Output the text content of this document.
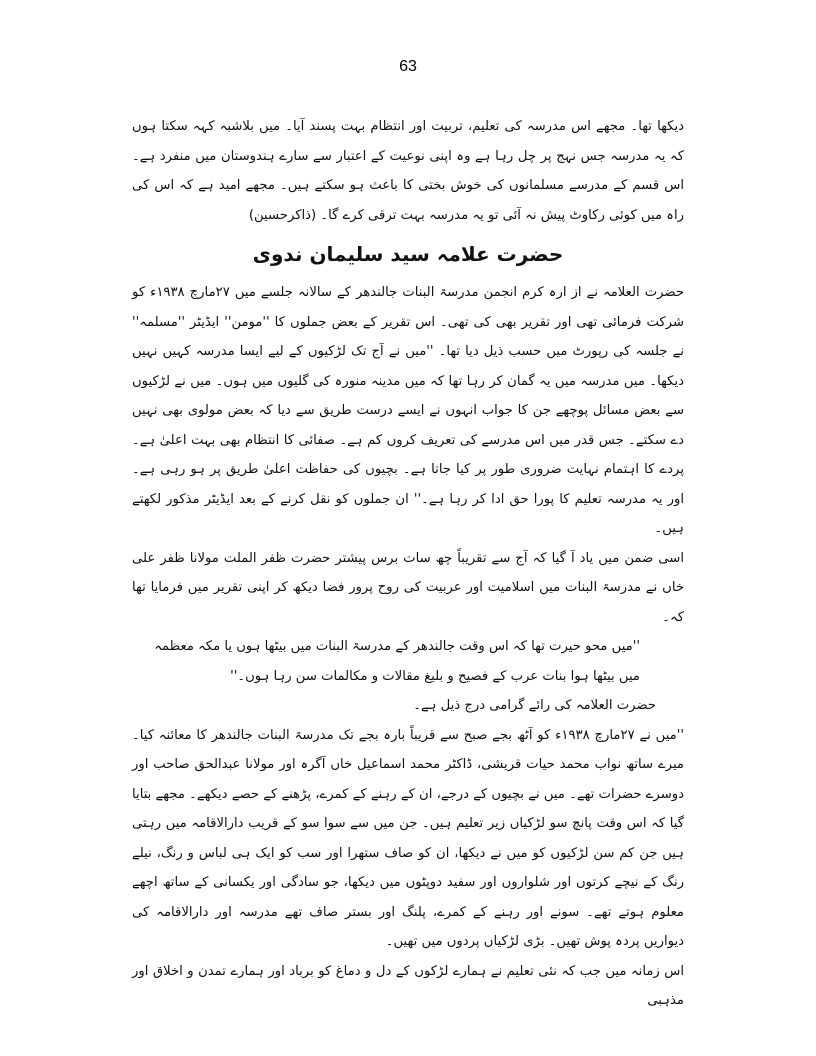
63

دیکھا تھا۔ مجھے اس مدرسہ کی تعلیم، تربیت اور انتظام بہت پسند آیا۔ میں بلاشبہ کہہ سکتا ہوں کہ یہ مدرسہ جس نہج پر چل رہا ہے وہ اپنی نوعیت کے اعتبار سے سارے ہندوستان میں منفرد ہے۔ اس قسم کے مدرسے مسلمانوں کی خوش بختی کا باعث ہو سکتے ہیں۔ مجھے امید ہے کہ اس کی راہ میں کوئی رکاوٹ پیش نہ آئی تو یہ مدرسہ بہت ترقی کرے گا۔ (ذاکرحسین)

حضرت علامہ سید سلیمان ندوی

حضرت العلامہ نے از ارہ کرم انجمن مدرسۃ البنات جالندھر کے سالانہ جلسے میں ۲۷مارچ ۱۹۳۸ء کو شرکت فرمائی تھی اور تقریر بھی کی تھی۔ اس تقریر کے بعض جملوں کا ''مومن'' ایڈیٹر ''مسلمہ'' نے جلسہ کی رپورٹ میں حسب ذیل دیا تھا۔ ''میں نے آج تک لڑکیوں کے لیے ایسا مدرسہ کہیں نہیں دیکھا۔ میں مدرسہ میں یہ گمان کر رہا تھا کہ میں مدینہ منورہ کی گلیوں میں ہوں۔ میں نے لڑکیوں سے بعض مسائل پوچھے جن کا جواب انہوں نے ایسے درست طریق سے دیا کہ بعض مولوی بھی نہیں دے سکتے۔ جس قدر میں اس مدرسے کی تعریف کروں کم ہے۔ صفائی کا انتظام بھی بہت اعلیٰ ہے۔ پردے کا اہتمام نہایت ضروری طور پر کیا جاتا ہے۔ بچیوں کی حفاظت اعلیٰ طریق پر ہو رہی ہے۔ اور یہ مدرسہ تعلیم کا پورا حق ادا کر رہا ہے۔'' ان جملوں کو نقل کرنے کے بعد ایڈیٹر مذکور لکھتے ہیں۔

اسی ضمن میں یاد آ گیا کہ آج سے تقریباً چھ سات برس پیشتر حضرت ظفر الملت مولانا ظفر علی خاں نے مدرسۃ البنات میں اسلامیت اور عربیت کی روح پرور فضا دیکھ کر اپنی تقریر میں فرمایا تھا کہ۔

''میں محو حیرت تھا کہ اس وقت جالندھر کے مدرسۃ البنات میں بیٹھا ہوں یا مکہ معظمہ

میں بیٹھا ہوا بنات عرب کے فصیح و بلیغ مقالات و مکالمات سن رہا ہوں۔''

حضرت العلامہ کی رائے گرامی درج ذیل ہے۔

''میں نے ۲۷مارچ ۱۹۳۸ء کو آٹھ بجے صبح سے قریباً بارہ بجے تک مدرسۃ البنات جالندھر کا معائنہ کیا۔ میرے ساتھ نواب محمد حیات قریشی، ڈاکٹر محمد اسماعیل خاں آگرہ اور مولانا عبدالحق صاحب اور دوسرے حضرات تھے۔ میں نے بچیوں کے درجے، ان کے رہنے کے کمرے، پڑھنے کے حصے دیکھے۔ مجھے بتایا گیا کہ اس وقت پانچ سو لڑکیاں زیر تعلیم ہیں۔ جن میں سے سوا سو کے قریب دارالاقامہ میں رہتی ہیں جن کم سن لڑکیوں کو میں نے دیکھا، ان کو صاف ستھرا اور سب کو ایک ہی لباس و رنگ، نیلے رنگ کے نیچے کرتوں اور شلواروں اور سفید دوپٹوں میں دیکھا، جو سادگی اور یکسانی کے ساتھ اچھے معلوم ہوتے تھے۔ سونے اور رہنے کے کمرے، پلنگ اور بستر صاف تھے مدرسہ اور دارالاقامہ کی دیواریں پردہ پوش تھیں۔ بڑی لڑکیاں پردوں میں تھیں۔

اس زمانہ میں جب کہ نئی تعلیم نے ہمارے لڑکوں کے دل و دماغ کو برباد اور ہمارے تمدن و اخلاق اور مذہبی
